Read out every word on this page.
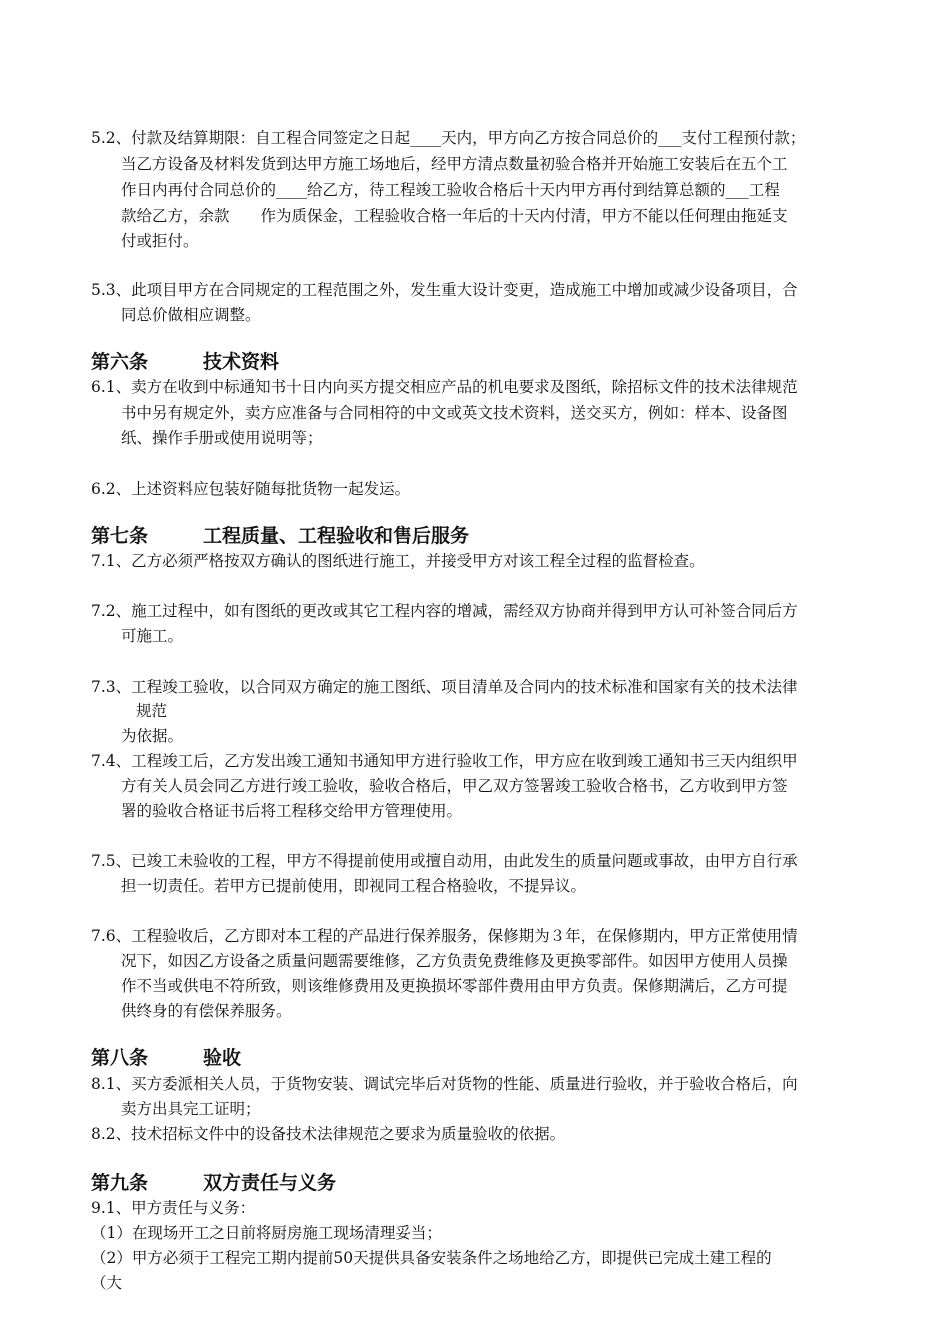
5.2、付款及结算期限：自工程合同签定之日起____天内，甲方向乙方按合同总价的___支付工程预付款；
当乙方设备及材料发货到达甲方施工场地后，经甲方清点数量初验合格并开始施工安装后在五个工
作日内再付合同总价的____给乙方，待工程竣工验收合格后十天内甲方再付到结算总额的___工程
款给乙方，余款　　作为质保金，工程验收合格一年后的十天内付清，甲方不能以任何理由拖延支
付或拒付。
5.3、此项目甲方在合同规定的工程范围之外，发生重大设计变更，造成施工中增加或减少设备项目，合
同总价做相应调整。
第六条	技术资料
6.1、卖方在收到中标通知书十日内向买方提交相应产品的机电要求及图纸，除招标文件的技术法律规范
书中另有规定外，卖方应准备与合同相符的中文或英文技术资料，送交买方，例如：样本、设备图
纸、操作手册或使用说明等；
6.2、上述资料应包装好随每批货物一起发运。
第七条	工程质量、工程验收和售后服务
7.1、乙方必须严格按双方确认的图纸进行施工，并接受甲方对该工程全过程的监督检查。
7.2、施工过程中，如有图纸的更改或其它工程内容的增减，需经双方协商并得到甲方认可补签合同后方
可施工。
7.3、工程竣工验收，以合同双方确定的施工图纸、项目清单及合同内的技术标准和国家有关的技术法律
规范
为依据。
7.4、工程竣工后，乙方发出竣工通知书通知甲方进行验收工作，甲方应在收到竣工通知书三天内组织甲
方有关人员会同乙方进行竣工验收，验收合格后，甲乙双方签署竣工验收合格书，乙方收到甲方签
署的验收合格证书后将工程移交给甲方管理使用。
7.5、已竣工未验收的工程，甲方不得提前使用或擅自动用，由此发生的质量问题或事故，由甲方自行承
担一切责任。若甲方已提前使用，即视同工程合格验收，不提异议。
7.6、工程验收后，乙方即对本工程的产品进行保养服务，保修期为３年，在保修期内，甲方正常使用情
况下，如因乙方设备之质量问题需要维修，乙方负责免费维修及更换零部件。如因甲方使用人员操
作不当或供电不符所致，则该维修费用及更换损坏零部件费用由甲方负责。保修期满后，乙方可提
供终身的有偿保养服务。
第八条	验收
8.1、买方委派相关人员，于货物安装、调试完毕后对货物的性能、质量进行验收，并于验收合格后，向
卖方出具完工证明；
8.2、技术招标文件中的设备技术法律规范之要求为质量验收的依据。
第九条	双方责任与义务
9.1、甲方责任与义务：
（1）在现场开工之日前将厨房施工现场清理妥当；
（2）甲方必须于工程完工期内提前50天提供具备安装条件之场地给乙方，即提供已完成土建工程的
（大
